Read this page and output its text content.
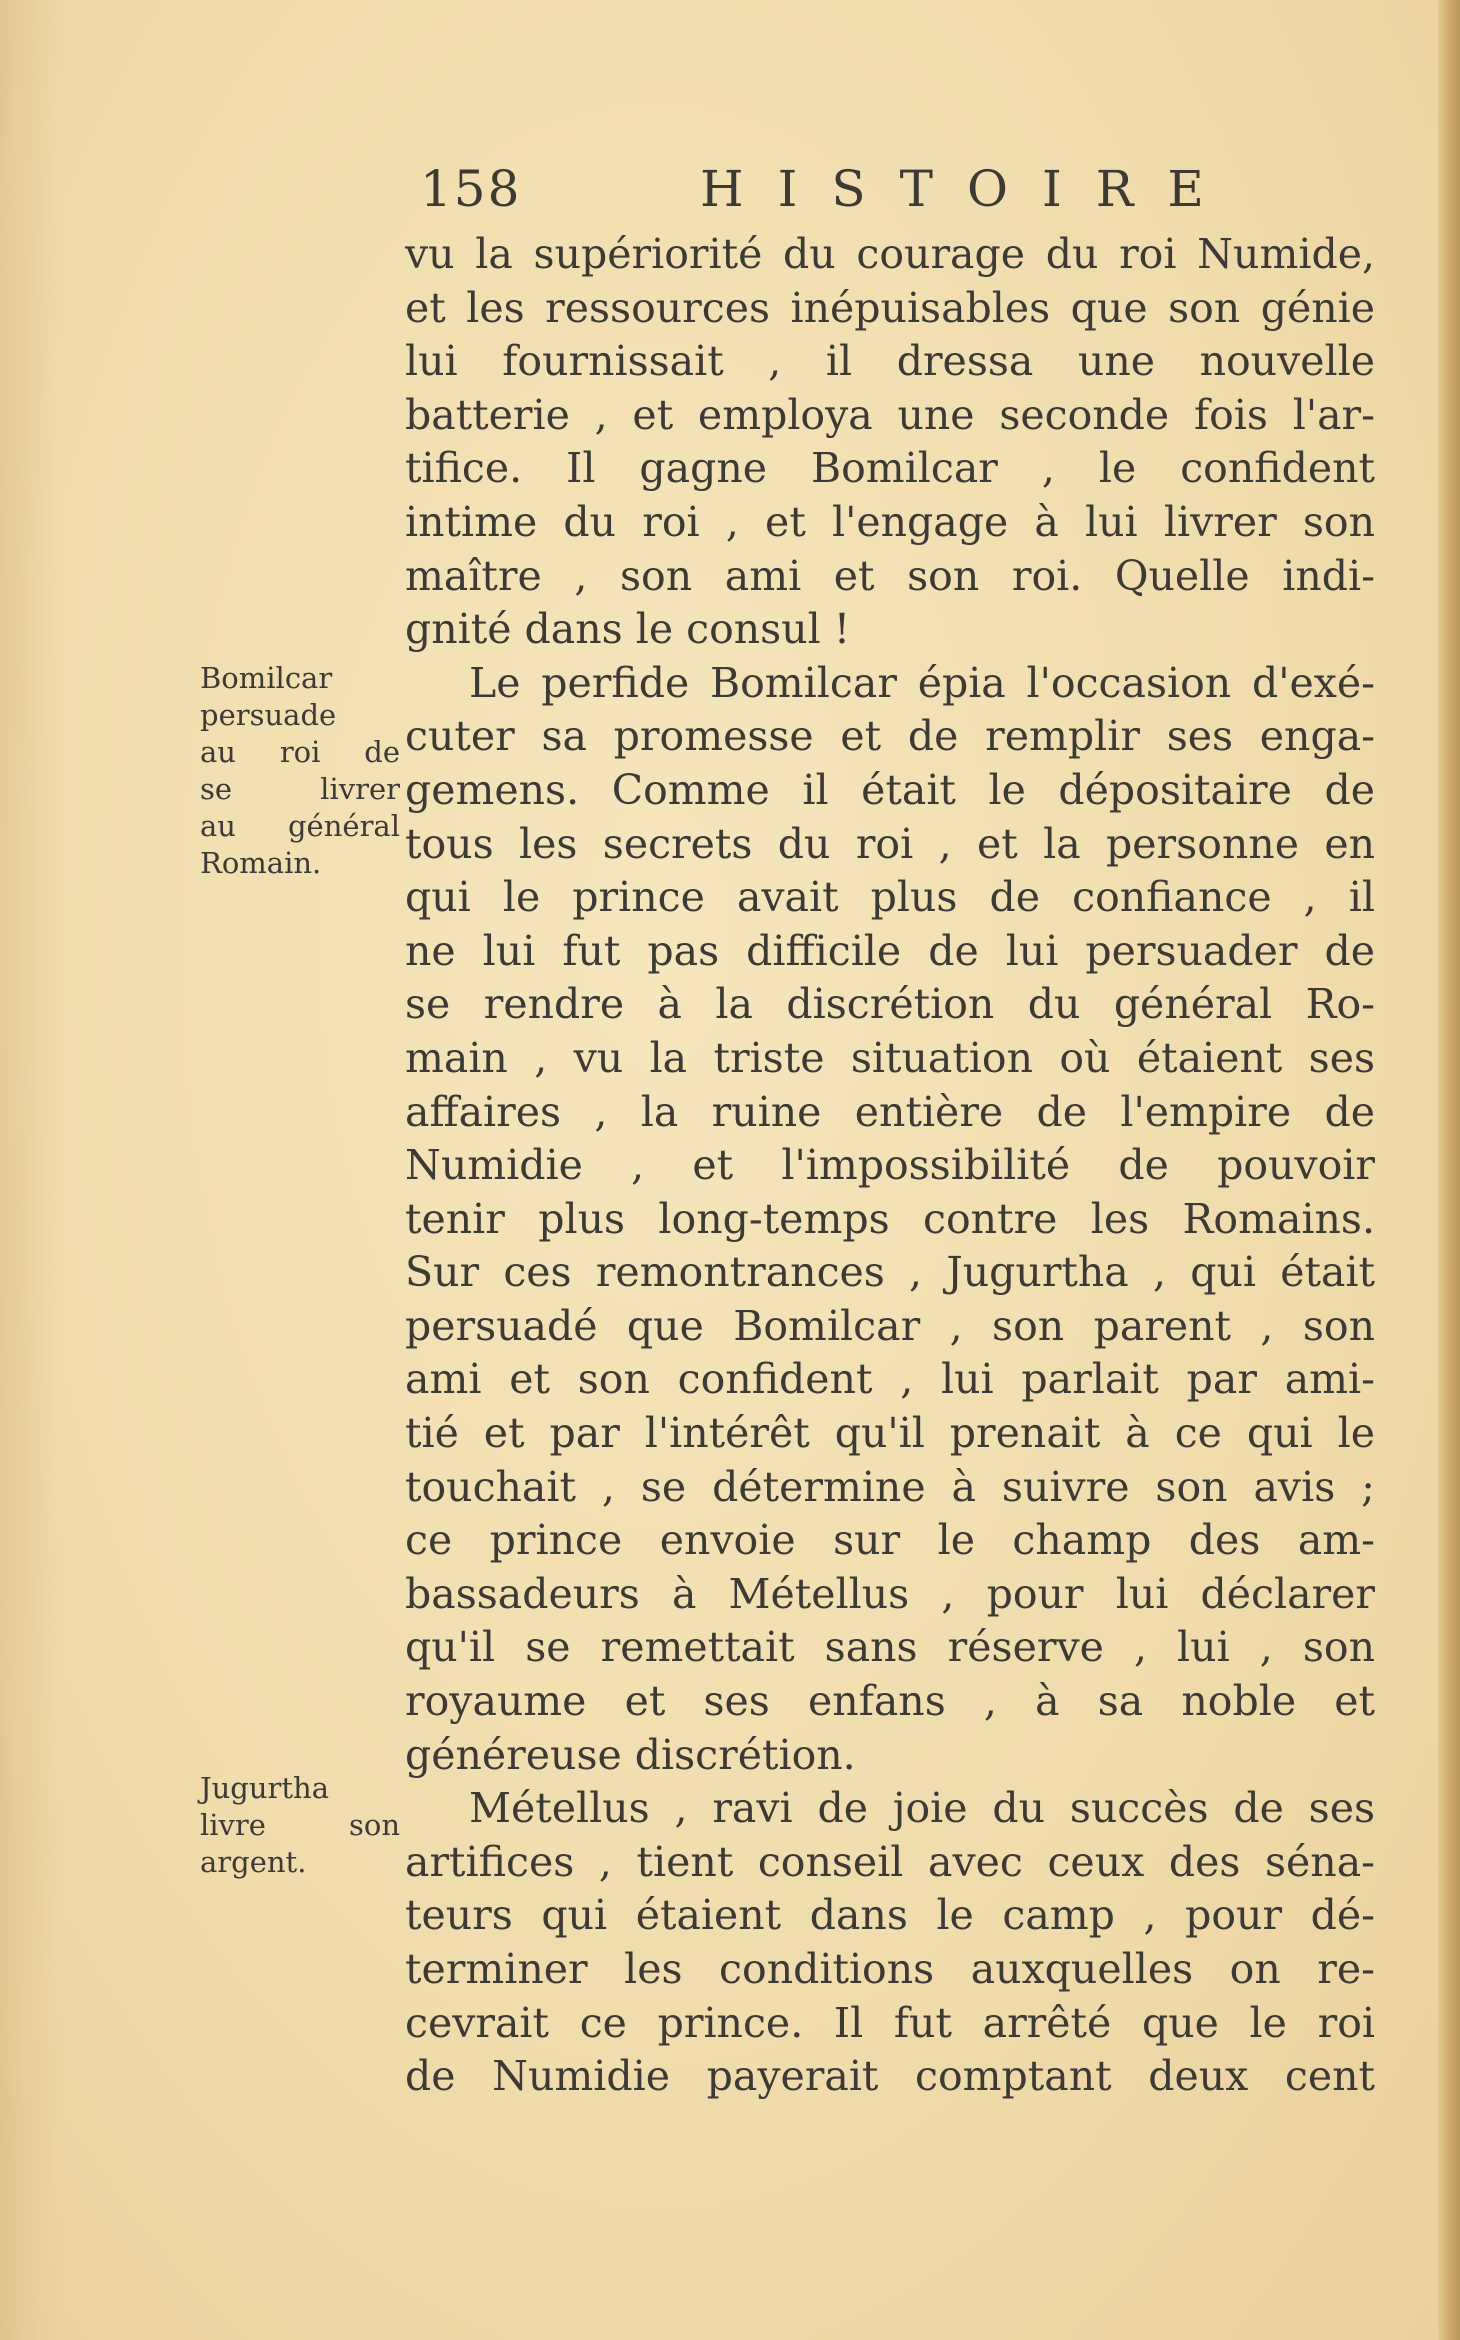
158	HISTOIRE
Bomilcar
persuade
au roi de
se livrer
au général
Romain.
Jugurtha
livre son
argent.
vu la supériorité du courage du roi Numide,
et les ressources inépuisables que son génie
lui fournissait , il dressa une nouvelle
batterie , et employa une seconde fois l'ar-
tifice. Il gagne Bomilcar , le confident
intime du roi , et l'engage à lui livrer son
maître , son ami et son roi. Quelle indi-
gnité dans le consul !
Le perfide Bomilcar épia l'occasion d'exé-
cuter sa promesse et de remplir ses enga-
gemens. Comme il était le dépositaire de
tous les secrets du roi , et la personne en
qui le prince avait plus de confiance , il
ne lui fut pas difficile de lui persuader de
se rendre à la discrétion du général Ro-
main , vu la triste situation où étaient ses
affaires , la ruine entière de l'empire de
Numidie , et l'impossibilité de pouvoir
tenir plus long-temps contre les Romains.
Sur ces remontrances , Jugurtha , qui était
persuadé que Bomilcar , son parent , son
ami et son confident , lui parlait par ami-
tié et par l'intérêt qu'il prenait à ce qui le
touchait , se détermine à suivre son avis ;
ce prince envoie sur le champ des am-
bassadeurs à Métellus , pour lui déclarer
qu'il se remettait sans réserve , lui , son
royaume et ses enfans , à sa noble et
généreuse discrétion.
Métellus , ravi de joie du succès de ses
artifices , tient conseil avec ceux des séna-
teurs qui étaient dans le camp , pour dé-
terminer les conditions auxquelles on re-
cevrait ce prince. Il fut arrêté que le roi
de Numidie payerait comptant deux cent
